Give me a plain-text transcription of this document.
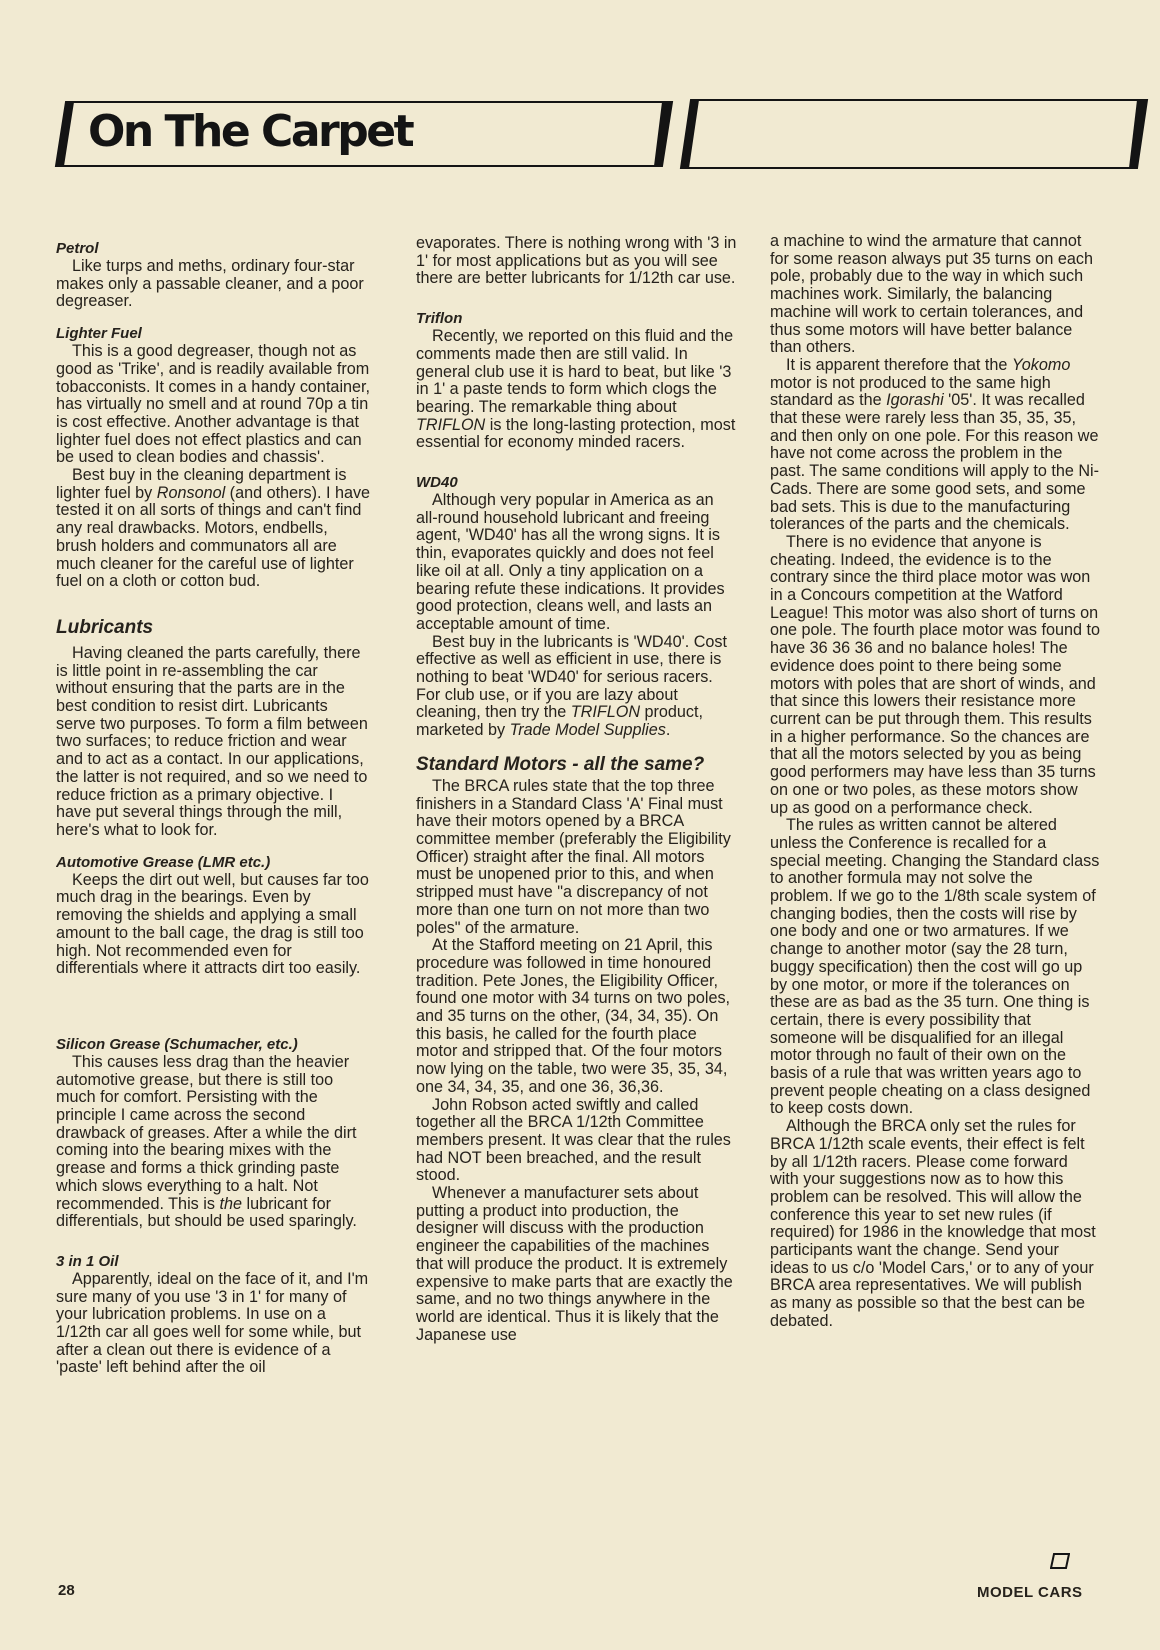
On The Carpet
Petrol

Like turps and meths, ordinary four-star makes only a passable cleaner, and a poor degreaser.

Lighter Fuel

This is a good degreaser, though not as good as 'Trike', and is readily available from tobacconists. It comes in a handy container, has virtually no smell and at round 70p a tin is cost effective. Another advantage is that lighter fuel does not effect plastics and can be used to clean bodies and chassis'.

Best buy in the cleaning department is lighter fuel by Ronsonol (and others). I have tested it on all sorts of things and can't find any real drawbacks. Motors, endbells, brush holders and communators all are much cleaner for the careful use of lighter fuel on a cloth or cotton bud.

Lubricants

Having cleaned the parts carefully, there is little point in re-assembling the car without ensuring that the parts are in the best condition to resist dirt. Lubricants serve two purposes. To form a film between two surfaces; to reduce friction and wear and to act as a contact. In our applications, the latter is not required, and so we need to reduce friction as a primary objective. I have put several things through the mill, here's what to look for.

Automotive Grease (LMR etc.)

Keeps the dirt out well, but causes far too much drag in the bearings. Even by removing the shields and applying a small amount to the ball cage, the drag is still too high. Not recommended even for differentials where it attracts dirt too easily.

Silicon Grease (Schumacher, etc.)

This causes less drag than the heavier automotive grease, but there is still too much for comfort. Persisting with the principle I came across the second drawback of greases. After a while the dirt coming into the bearing mixes with the grease and forms a thick grinding paste which slows everything to a halt. Not recommended. This is the lubricant for differentials, but should be used sparingly.

3 in 1 Oil

Apparently, ideal on the face of it, and I'm sure many of you use '3 in 1' for many of your lubrication problems. In use on a 1/12th car all goes well for some while, but after a clean out there is evidence of a 'paste' left behind after the oil

evaporates. There is nothing wrong with '3 in 1' for most applications but as you will see there are better lubricants for 1/12th car use.

Triflon

Recently, we reported on this fluid and the comments made then are still valid. In general club use it is hard to beat, but like '3 in 1' a paste tends to form which clogs the bearing. The remarkable thing about TRIFLON is the long-lasting protection, most essential for economy minded racers.

WD40

Although very popular in America as an all-round household lubricant and freeing agent, 'WD40' has all the wrong signs. It is thin, evaporates quickly and does not feel like oil at all. Only a tiny application on a bearing refute these indications. It provides good protection, cleans well, and lasts an acceptable amount of time.

Best buy in the lubricants is 'WD40'. Cost effective as well as efficient in use, there is nothing to beat 'WD40' for serious racers. For club use, or if you are lazy about cleaning, then try the TRIFLON product, marketed by Trade Model Supplies.

Standard Motors - all the same?

The BRCA rules state that the top three finishers in a Standard Class 'A' Final must have their motors opened by a BRCA committee member (preferably the Eligibility Officer) straight after the final. All motors must be unopened prior to this, and when stripped must have "a discrepancy of not more than one turn on not more than two poles" of the armature.

At the Stafford meeting on 21 April, this procedure was followed in time honoured tradition. Pete Jones, the Eligibility Officer, found one motor with 34 turns on two poles, and 35 turns on the other, (34, 34, 35). On this basis, he called for the fourth place motor and stripped that. Of the four motors now lying on the table, two were 35, 35, 34, one 34, 34, 35, and one 36, 36,36.

John Robson acted swiftly and called together all the BRCA 1/12th Committee members present. It was clear that the rules had NOT been breached, and the result stood.

Whenever a manufacturer sets about putting a product into production, the designer will discuss with the production engineer the capabilities of the machines that will produce the product. It is extremely expensive to make parts that are exactly the same, and no two things anywhere in the world are identical. Thus it is likely that the Japanese use

a machine to wind the armature that cannot for some reason always put 35 turns on each pole, probably due to the way in which such machines work. Similarly, the balancing machine will work to certain tolerances, and thus some motors will have better balance than others.

It is apparent therefore that the Yokomo motor is not produced to the same high standard as the Igorashi '05'. It was recalled that these were rarely less than 35, 35, 35, and then only on one pole. For this reason we have not come across the problem in the past. The same conditions will apply to the Ni-Cads. There are some good sets, and some bad sets. This is due to the manufacturing tolerances of the parts and the chemicals.

There is no evidence that anyone is cheating. Indeed, the evidence is to the contrary since the third place motor was won in a Concours competition at the Watford League! This motor was also short of turns on one pole. The fourth place motor was found to have 36 36 36 and no balance holes! The evidence does point to there being some motors with poles that are short of winds, and that since this lowers their resistance more current can be put through them. This results in a higher performance. So the chances are that all the motors selected by you as being good performers may have less than 35 turns on one or two poles, as these motors show up as good on a performance check.

The rules as written cannot be altered unless the Conference is recalled for a special meeting. Changing the Standard class to another formula may not solve the problem. If we go to the 1/8th scale system of changing bodies, then the costs will rise by one body and one or two armatures. If we change to another motor (say the 28 turn, buggy specification) then the cost will go up by one motor, or more if the tolerances on these are as bad as the 35 turn. One thing is certain, there is every possibility that someone will be disqualified for an illegal motor through no fault of their own on the basis of a rule that was written years ago to prevent people cheating on a class designed to keep costs down.

Although the BRCA only set the rules for BRCA 1/12th scale events, their effect is felt by all 1/12th racers. Please come forward with your suggestions now as to how this problem can be resolved. This will allow the conference this year to set new rules (if required) for 1986 in the knowledge that most participants want the change. Send your ideas to us c/o 'Model Cars,' or to any of your BRCA area representatives. We will publish as many as possible so that the best can be debated.

28	MODEL CARS
